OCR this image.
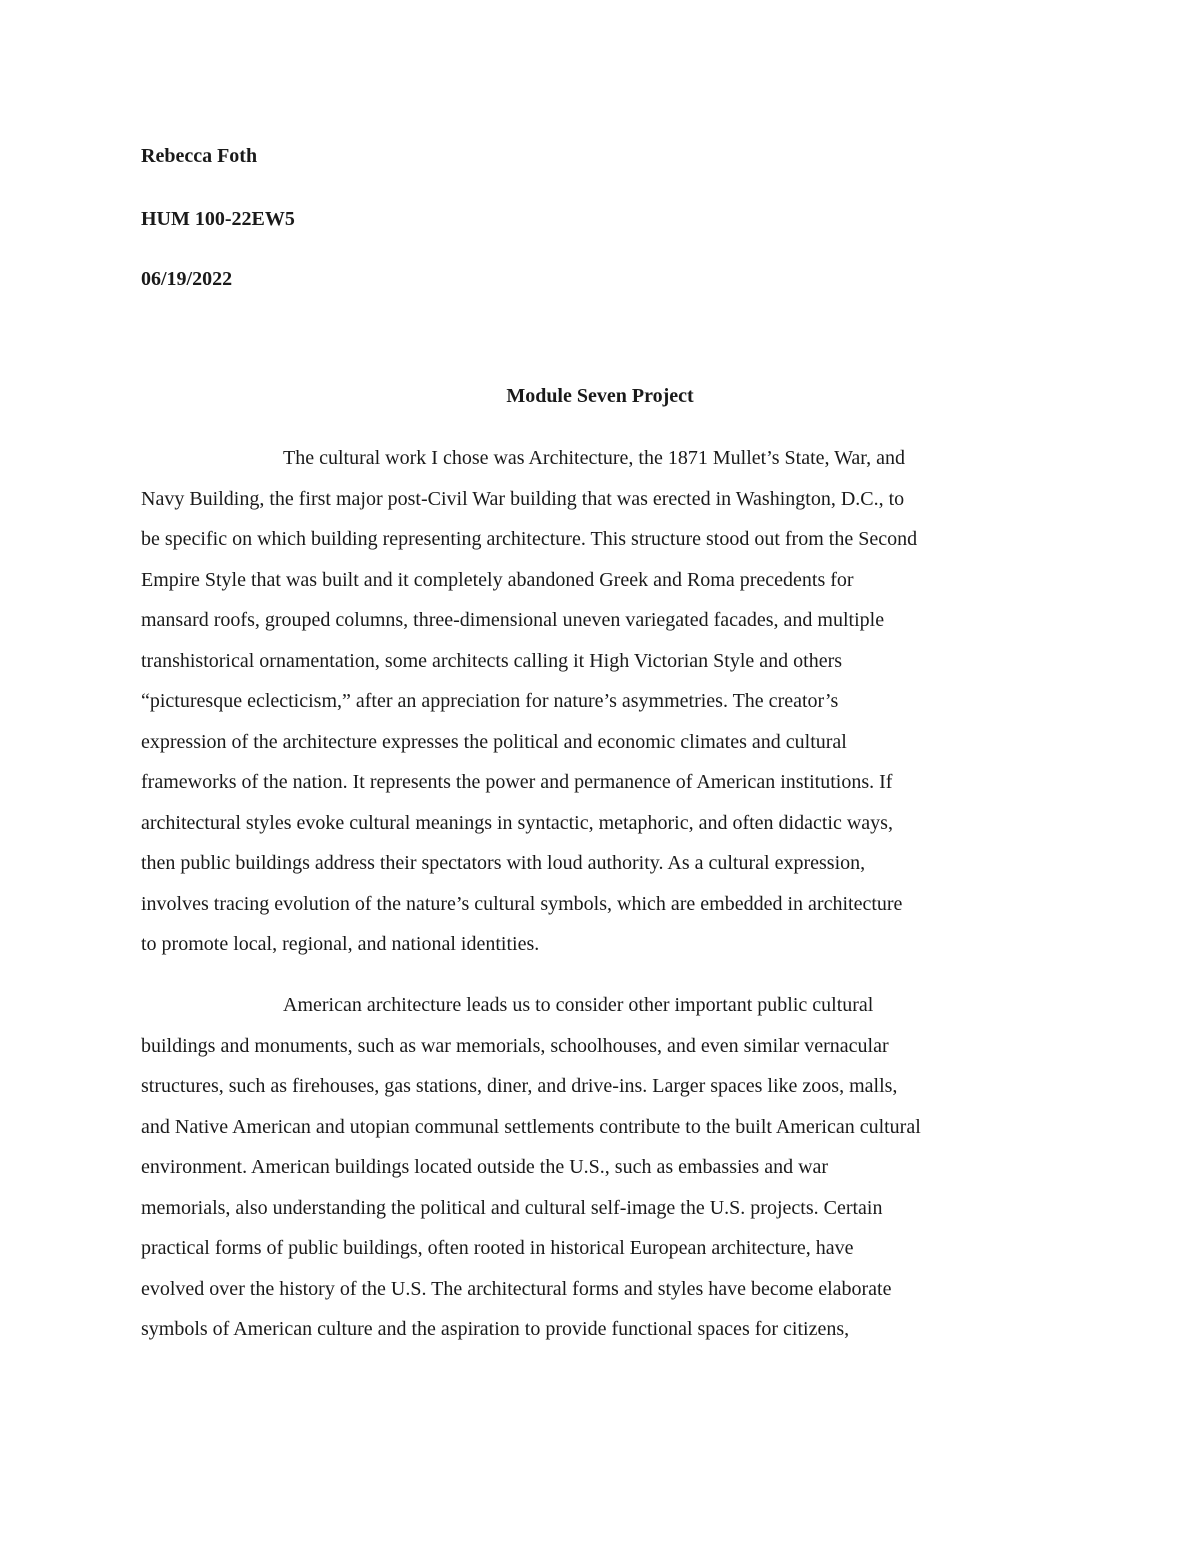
Rebecca Foth
HUM 100-22EW5
06/19/2022
Module Seven Project
The cultural work I chose was Architecture, the 1871 Mullet’s State, War, and
Navy Building, the first major post-Civil War building that was erected in Washington, D.C., to
be specific on which building representing architecture. This structure stood out from the Second
Empire Style that was built and it completely abandoned Greek and Roma precedents for
mansard roofs, grouped columns, three-dimensional uneven variegated facades, and multiple
transhistorical ornamentation, some architects calling it High Victorian Style and others
“picturesque eclecticism,” after an appreciation for nature’s asymmetries. The creator’s
expression of the architecture expresses the political and economic climates and cultural
frameworks of the nation. It represents the power and permanence of American institutions. If
architectural styles evoke cultural meanings in syntactic, metaphoric, and often didactic ways,
then public buildings address their spectators with loud authority. As a cultural expression,
involves tracing evolution of the nature’s cultural symbols, which are embedded in architecture
to promote local, regional, and national identities.
American architecture leads us to consider other important public cultural
buildings and monuments, such as war memorials, schoolhouses, and even similar vernacular
structures, such as firehouses, gas stations, diner, and drive-ins. Larger spaces like zoos, malls,
and Native American and utopian communal settlements contribute to the built American cultural
environment. American buildings located outside the U.S., such as embassies and war
memorials, also understanding the political and cultural self-image the U.S. projects. Certain
practical forms of public buildings, often rooted in historical European architecture, have
evolved over the history of the U.S. The architectural forms and styles have become elaborate
symbols of American culture and the aspiration to provide functional spaces for citizens,
